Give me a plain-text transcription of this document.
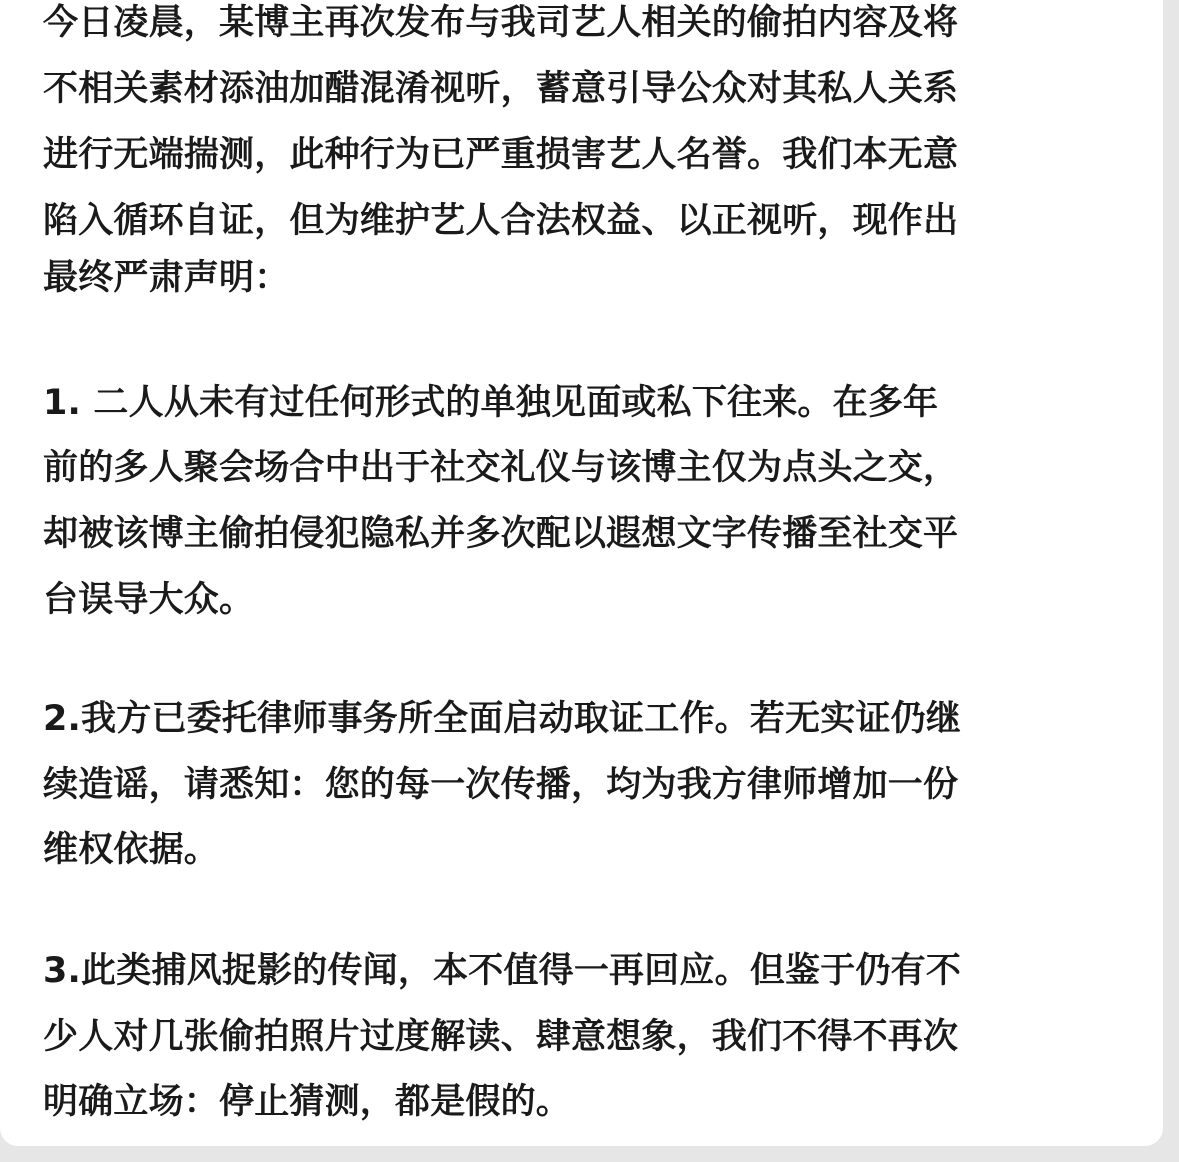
今日凌晨，某博主再次发布与我司艺人相关的偷拍内容及将
不相关素材添油加醋混淆视听，蓄意引导公众对其私人关系
进行无端揣测，此种行为已严重损害艺人名誉。我们本无意
陷入循环自证，但为维护艺人合法权益、以正视听，现作出
最终严肃声明：
1. 二人从未有过任何形式的单独见面或私下往来。在多年
前的多人聚会场合中出于社交礼仪与该博主仅为点头之交，
却被该博主偷拍侵犯隐私并多次配以遐想文字传播至社交平
台误导大众。
2.我方已委托律师事务所全面启动取证工作。若无实证仍继
续造谣，请悉知：您的每一次传播，均为我方律师增加一份
维权依据。
3.此类捕风捉影的传闻，本不值得一再回应。但鉴于仍有不
少人对几张偷拍照片过度解读、肆意想象，我们不得不再次
明确立场：停止猜测，都是假的。
